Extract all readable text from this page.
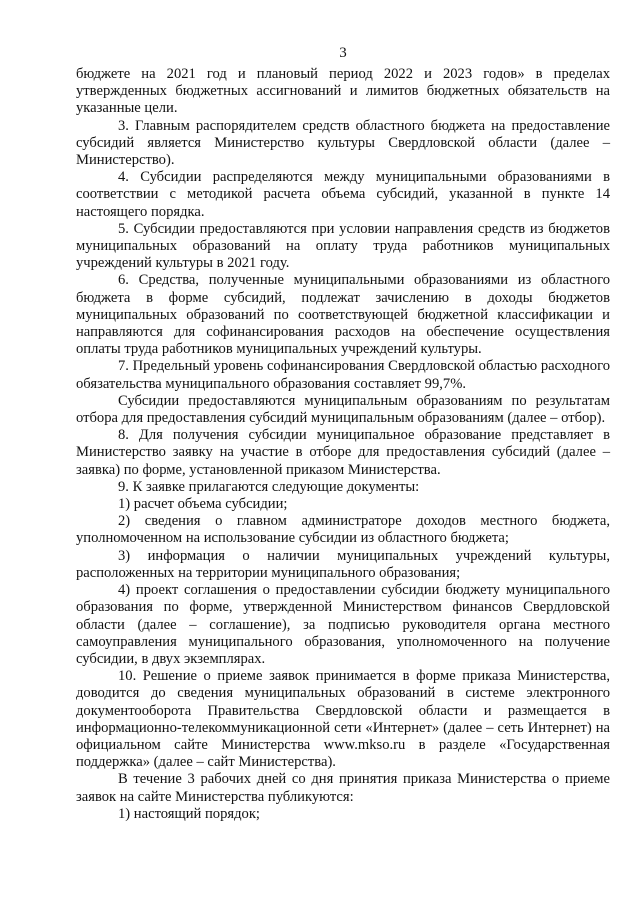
3

бюджете на 2021 год и плановый период 2022 и 2023 годов» в пределах утвержденных бюджетных ассигнований и лимитов бюджетных обязательств на указанные цели.

3. Главным распорядителем средств областного бюджета на предоставление субсидий является Министерство культуры Свердловской области (далее – Министерство).

4. Субсидии распределяются между муниципальными образованиями в соответствии с методикой расчета объема субсидий, указанной в пункте 14 настоящего порядка.

5. Субсидии предоставляются при условии направления средств из бюджетов муниципальных образований на оплату труда работников муниципальных учреждений культуры в 2021 году.

6. Средства, полученные муниципальными образованиями из областного бюджета в форме субсидий, подлежат зачислению в доходы бюджетов муниципальных образований по соответствующей бюджетной классификации и направляются для софинансирования расходов на обеспечение осуществления оплаты труда работников муниципальных учреждений культуры.

7. Предельный уровень софинансирования Свердловской областью расходного обязательства муниципального образования составляет 99,7%.

Субсидии предоставляются муниципальным образованиям по результатам отбора для предоставления субсидий муниципальным образованиям (далее – отбор).

8. Для получения субсидии муниципальное образование представляет в Министерство заявку на участие в отборе для предоставления субсидий (далее – заявка) по форме, установленной приказом Министерства.

9. К заявке прилагаются следующие документы:

1) расчет объема субсидии;

2) сведения о главном администраторе доходов местного бюджета, уполномоченном на использование субсидии из областного бюджета;

3) информация о наличии муниципальных учреждений культуры, расположенных на территории муниципального образования;

4) проект соглашения о предоставлении субсидии бюджету муниципального образования по форме, утвержденной Министерством финансов Свердловской области (далее – соглашение), за подписью руководителя органа местного самоуправления муниципального образования, уполномоченного на получение субсидии, в двух экземплярах.

10. Решение о приеме заявок принимается в форме приказа Министерства, доводится до сведения муниципальных образований в системе электронного документооборота Правительства Свердловской области и размещается в информационно-телекоммуникационной сети «Интернет» (далее – сеть Интернет) на официальном сайте Министерства www.mkso.ru в разделе «Государственная поддержка» (далее – сайт Министерства).

В течение 3 рабочих дней со дня принятия приказа Министерства о приеме заявок на сайте Министерства публикуются:

1) настоящий порядок;
